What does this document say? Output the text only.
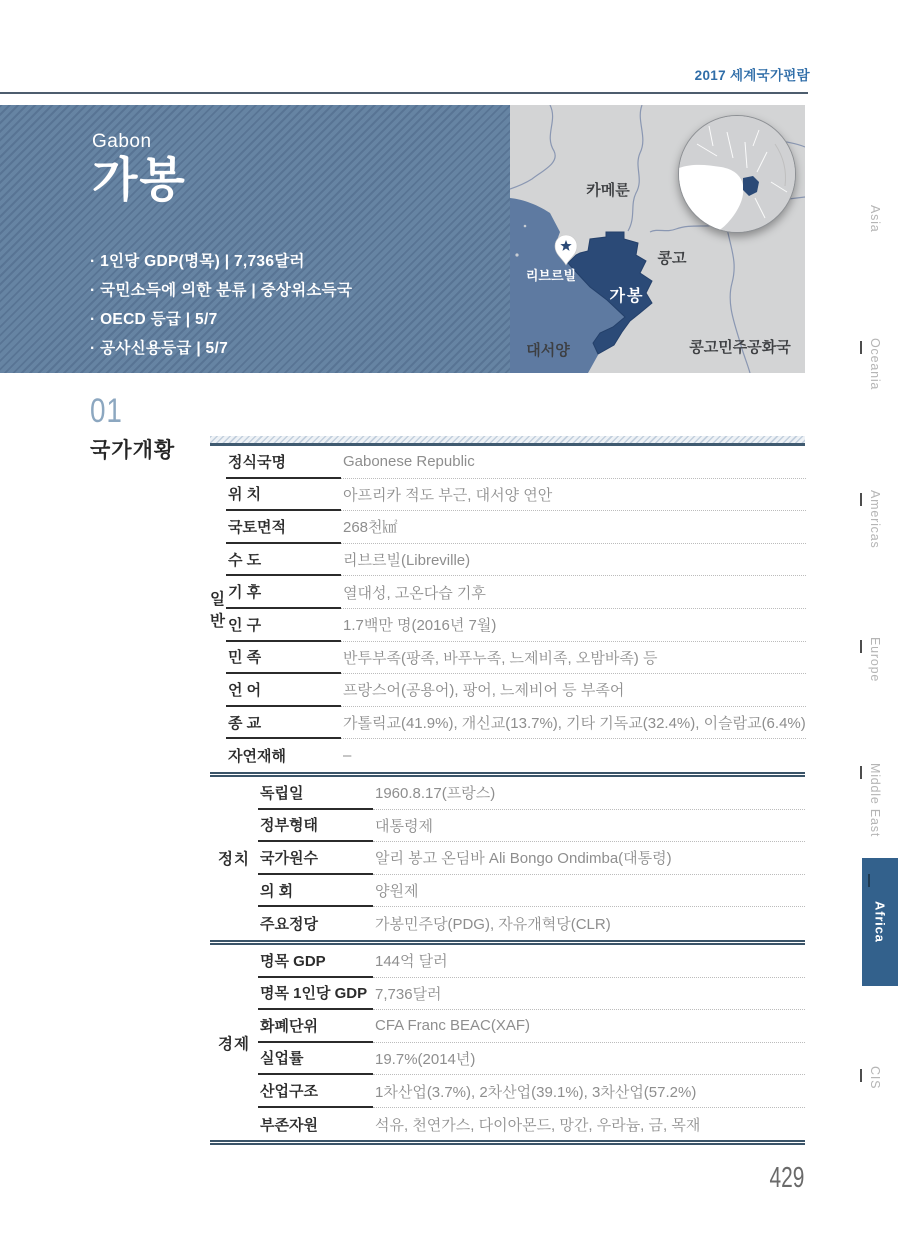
2017 세계국가편람
Gabon
가봉
· 1인당 GDP(명목) | 7,736달러
· 국민소득에 의한 분류 | 중상위소득국
· OECD 등급 | 5/7
· 공사신용등급 | 5/7
카메룬
콩고
가봉
리브르빌
대서양	콩고민주공화국
Asia
Oceania
Americas
Europe
Middle East
Africa
CIS
01
국가개황
일반
정식국명	Gabonese Republic
위 치	아프리카 적도 부근, 대서양 연안
국토면적	268천㎢
수 도	리브르빌(Libreville)
기 후	열대성, 고온다습 기후
인 구	1.7백만 명(2016년 7월)
민 족	반투부족(팡족, 바푸누족, 느제비족, 오밤바족) 등
언 어	프랑스어(공용어), 팡어, 느제비어 등 부족어
종 교	가톨릭교(41.9%), 개신교(13.7%), 기타 기독교(32.4%), 이슬람교(6.4%)
자연재해	–
정치
독립일	1960.8.17(프랑스)
정부형태	대통령제
국가원수	알리 봉고 온딤바 Ali Bongo Ondimba(대통령)
의 회	양원제
주요정당	가봉민주당(PDG), 자유개혁당(CLR)
경제
명목 GDP	144억 달러
명목 1인당 GDP 7,736달러
화폐단위	CFA Franc BEAC(XAF)
실업률	19.7%(2014년)
산업구조	1차산업(3.7%), 2차산업(39.1%), 3차산업(57.2%)
부존자원	석유, 천연가스, 다이아몬드, 망간, 우라늄, 금, 목재
429
